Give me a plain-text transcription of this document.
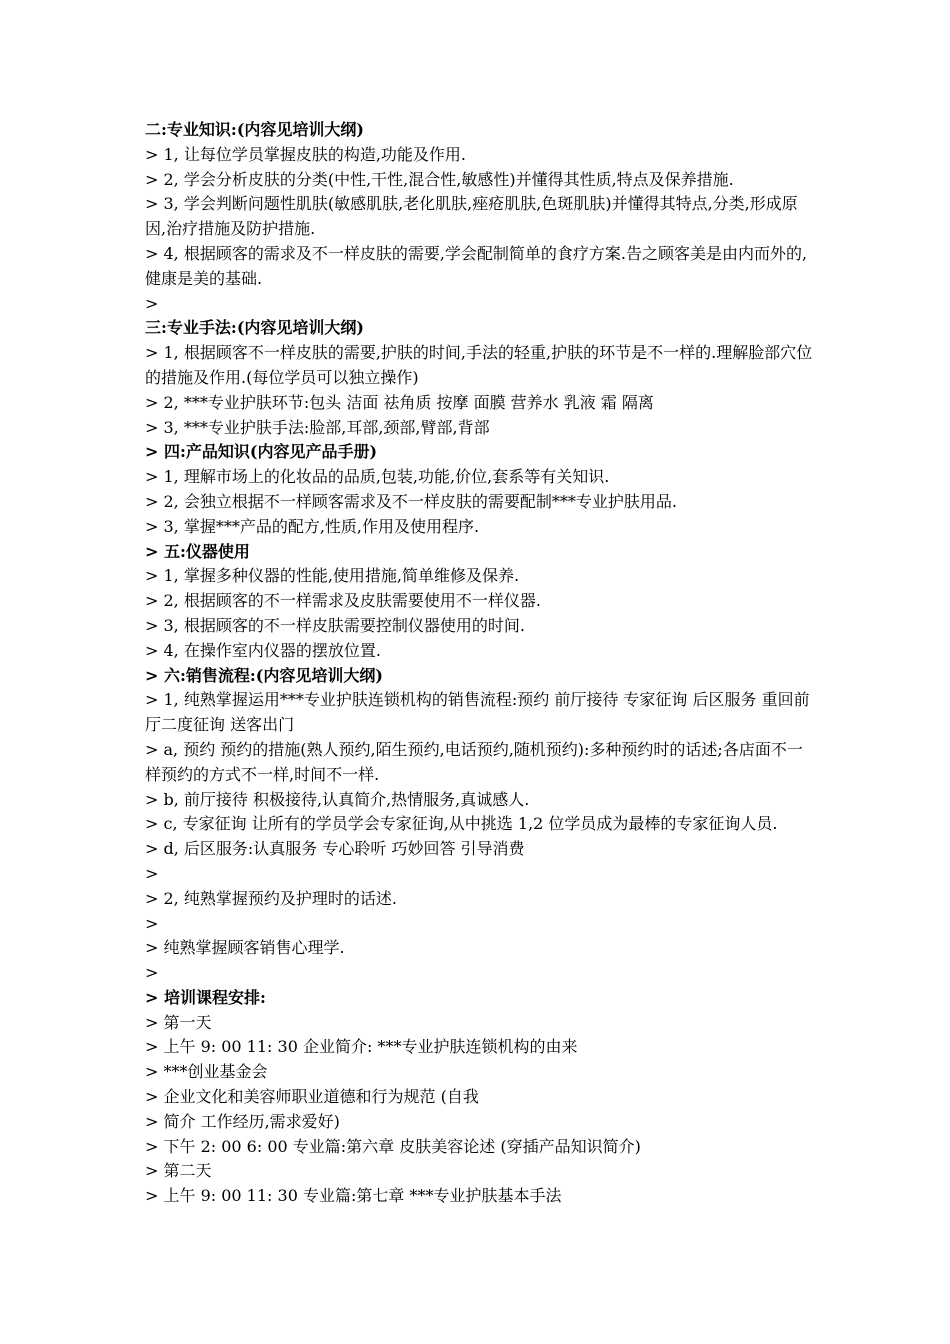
二:专业知识:(内容见培训大纲)
> 1, 让每位学员掌握皮肤的构造,功能及作用.
> 2, 学会分析皮肤的分类(中性,干性,混合性,敏感性)并懂得其性质,特点及保养措施.
> 3, 学会判断问题性肌肤(敏感肌肤,老化肌肤,痤疮肌肤,色斑肌肤)并懂得其特点,分类,形成原因,治疗措施及防护措施.
> 4, 根据顾客的需求及不一样皮肤的需要,学会配制简单的食疗方案.告之顾客美是由内而外的,健康是美的基础.
>
三:专业手法:(内容见培训大纲)
> 1, 根据顾客不一样皮肤的需要,护肤的时间,手法的轻重,护肤的环节是不一样的.理解脸部穴位的措施及作用.(每位学员可以独立操作)
> 2, ***专业护肤环节:包头 洁面 祛角质 按摩 面膜 营养水 乳液 霜 隔离
> 3, ***专业护肤手法:脸部,耳部,颈部,臂部,背部
> 四:产品知识(内容见产品手册)
> 1, 理解市场上的化妆品的品质,包装,功能,价位,套系等有关知识.
> 2, 会独立根据不一样顾客需求及不一样皮肤的需要配制***专业护肤用品.
> 3, 掌握***产品的配方,性质,作用及使用程序.
> 五:仪器使用
> 1, 掌握多种仪器的性能,使用措施,简单维修及保养.
> 2, 根据顾客的不一样需求及皮肤需要使用不一样仪器.
> 3, 根据顾客的不一样皮肤需要控制仪器使用的时间.
> 4, 在操作室内仪器的摆放位置.
> 六:销售流程:(内容见培训大纲)
> 1, 纯熟掌握运用***专业护肤连锁机构的销售流程:预约 前厅接待 专家征询 后区服务 重回前厅二度征询 送客出门
> a, 预约 预约的措施(熟人预约,陌生预约,电话预约,随机预约):多种预约时的话述;各店面不一样预约的方式不一样,时间不一样.
> b, 前厅接待 积极接待,认真简介,热情服务,真诚感人.
> c, 专家征询 让所有的学员学会专家征询,从中挑选 1,2 位学员成为最棒的专家征询人员.
> d, 后区服务:认真服务 专心聆听 巧妙回答 引导消费
>
> 2, 纯熟掌握预约及护理时的话述.
>
> 纯熟掌握顾客销售心理学.
>
> 培训课程安排:
> 第一天
> 上午 9: 00 11: 30 企业简介: ***专业护肤连锁机构的由来
> ***创业基金会
> 企业文化和美容师职业道德和行为规范 (自我
> 简介 工作经历,需求爱好)
> 下午 2: 00 6: 00 专业篇:第六章 皮肤美容论述 (穿插产品知识简介)
> 第二天
> 上午 9: 00 11: 30 专业篇:第七章 ***专业护肤基本手法
